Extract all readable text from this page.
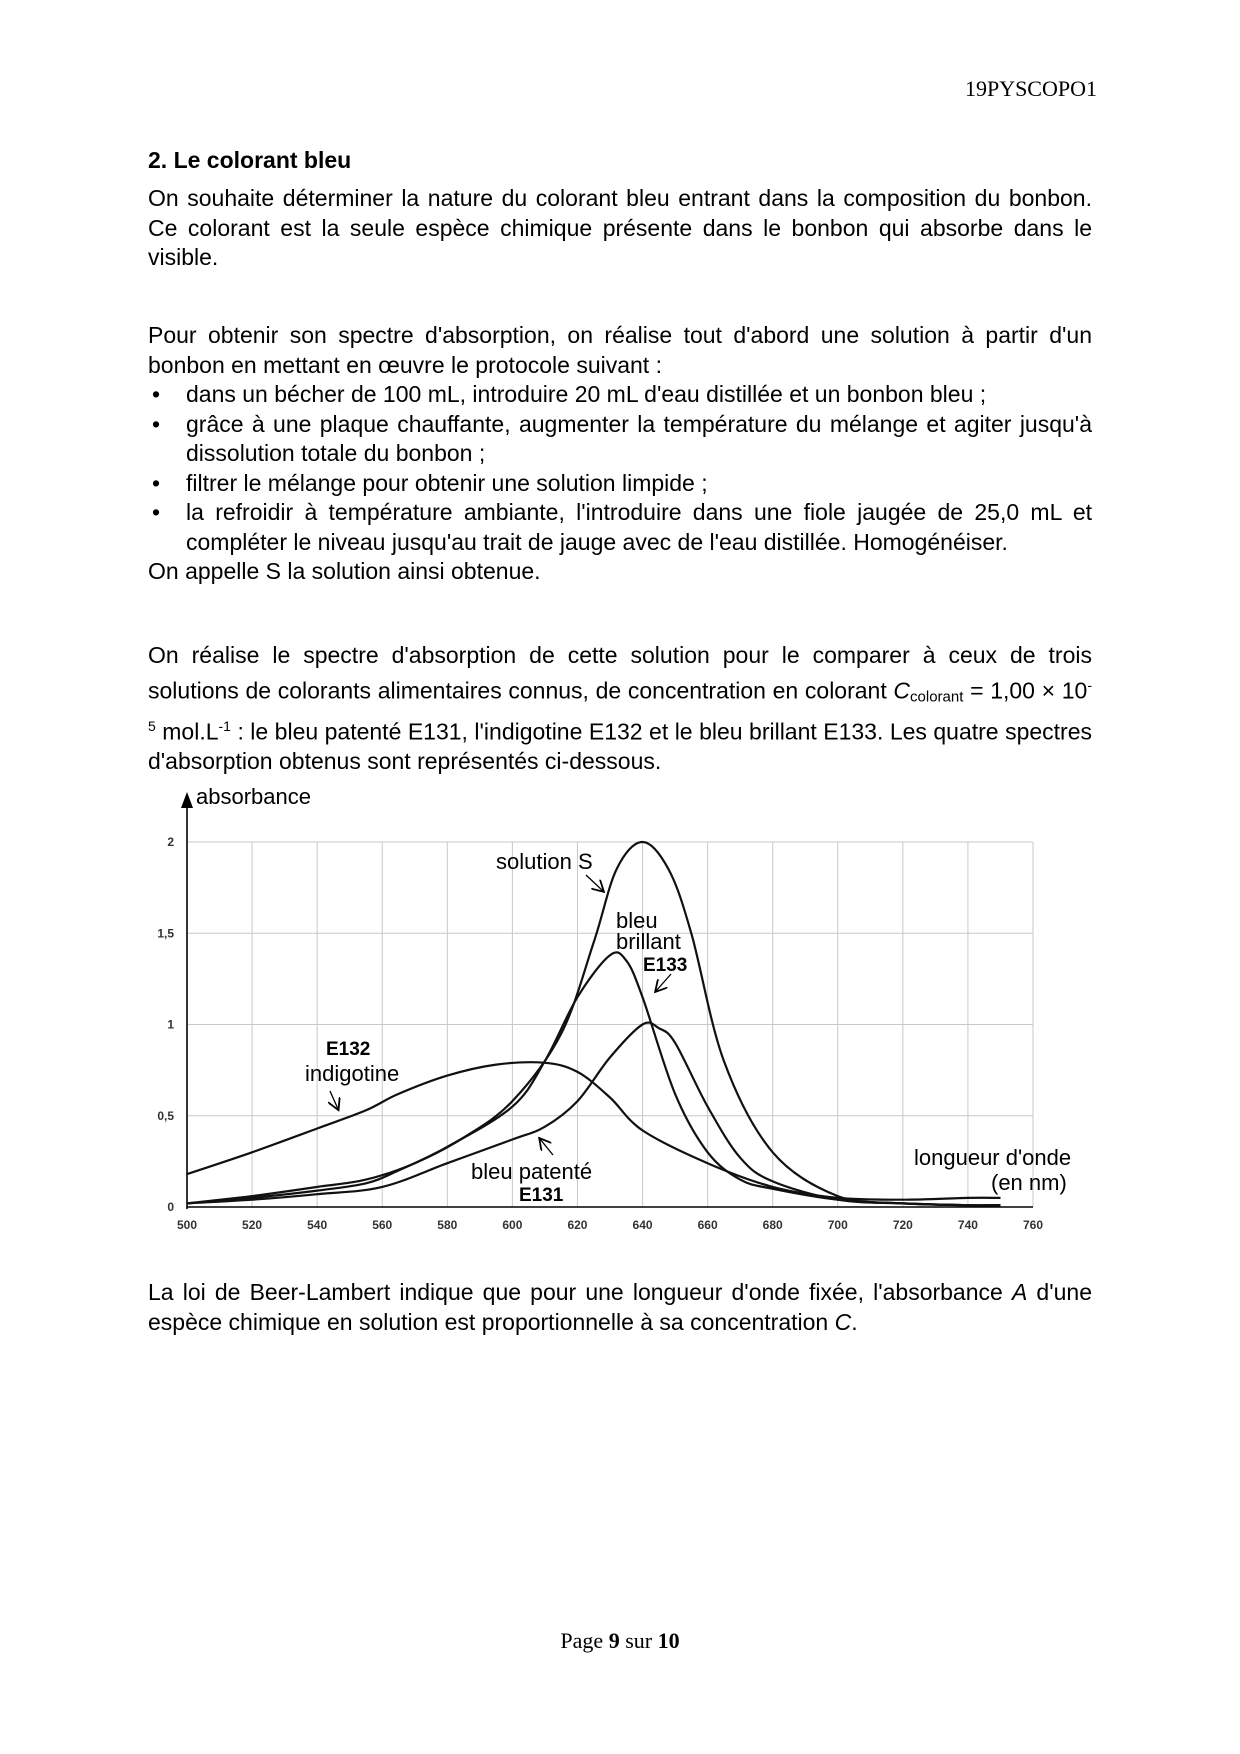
19PYSCOPO1
2. Le colorant bleu

On souhaite déterminer la nature du colorant bleu entrant dans la composition du bonbon. Ce colorant est la seule espèce chimique présente dans le bonbon qui absorbe dans le visible.

Pour obtenir son spectre d'absorption, on réalise tout d'abord une solution à partir d'un bonbon en mettant en œuvre le protocole suivant :

• dans un bécher de 100 mL, introduire 20 mL d'eau distillée et un bonbon bleu ;
• grâce à une plaque chauffante, augmenter la température du mélange et agiter jusqu'à dissolution totale du bonbon ;
• filtrer le mélange pour obtenir une solution limpide ;
• la refroidir à température ambiante, l'introduire dans une fiole jaugée de 25,0 mL et compléter le niveau jusqu'au trait de jauge avec de l'eau distillée. Homogénéiser.

On appelle S la solution ainsi obtenue.

On réalise le spectre d'absorption de cette solution pour le comparer à ceux de trois solutions de colorants alimentaires connus, de concentration en colorant $C_{colorant} = 1,00 \times 10^{-5}$ $mol.L^{-1}$ : le bleu patenté E131, l'indigotine E132 et le bleu brillant E133. Les quatre spectres d'absorption obtenus sont représentés ci-dessous.

500	520	540	560	580	600	620	640	660	680	700	720	740	760
0
0,5
1
1,5
2
absorbance
longueur d'onde
(en nm)
solution S
bleu
brillant
E133
E132
indigotine
bleu patenté
E131

La loi de Beer-Lambert indique que pour une longueur d'onde fixée, l'absorbance A d'une espèce chimique en solution est proportionnelle à sa concentration C.

Page 9 sur 10
